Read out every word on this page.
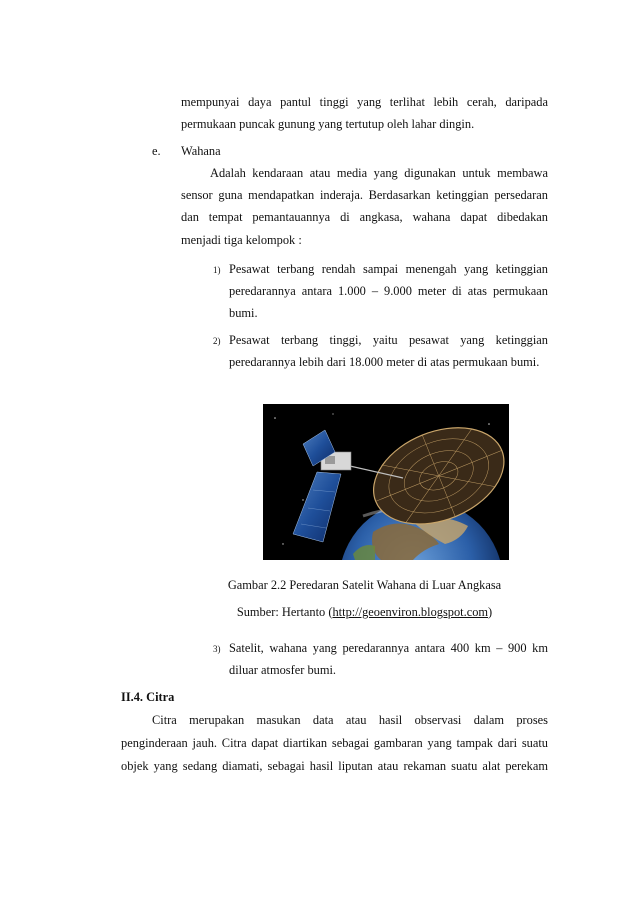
mempunyai daya pantul tinggi yang terlihat lebih cerah, daripada
permukaan puncak gunung yang tertutup oleh lahar dingin.
e. Wahana
Adalah kendaraan atau media yang digunakan untuk membawa
sensor guna mendapatkan inderaja. Berdasarkan ketinggian persedaran
dan tempat pemantauannya di angkasa, wahana dapat dibedakan
menjadi tiga kelompok :
1) Pesawat terbang rendah sampai menengah yang ketinggian
peredarannya antara 1.000 – 9.000 meter di atas permukaan
bumi.
2) Pesawat terbang tinggi, yaitu pesawat yang ketinggian
peredarannya lebih dari 18.000 meter di atas permukaan bumi.
Gambar 2.2 Peredaran Satelit Wahana di Luar Angkasa
Sumber: Hertanto (http://geoenviron.blogspot.com)
3) Satelit, wahana yang peredarannya antara 400 km – 900 km
diluar atmosfer bumi.
II.4. Citra
Citra merupakan masukan data atau hasil observasi dalam proses
penginderaan jauh. Citra dapat diartikan sebagai gambaran yang tampak dari suatu
objek yang sedang diamati, sebagai hasil liputan atau rekaman suatu alat perekam
